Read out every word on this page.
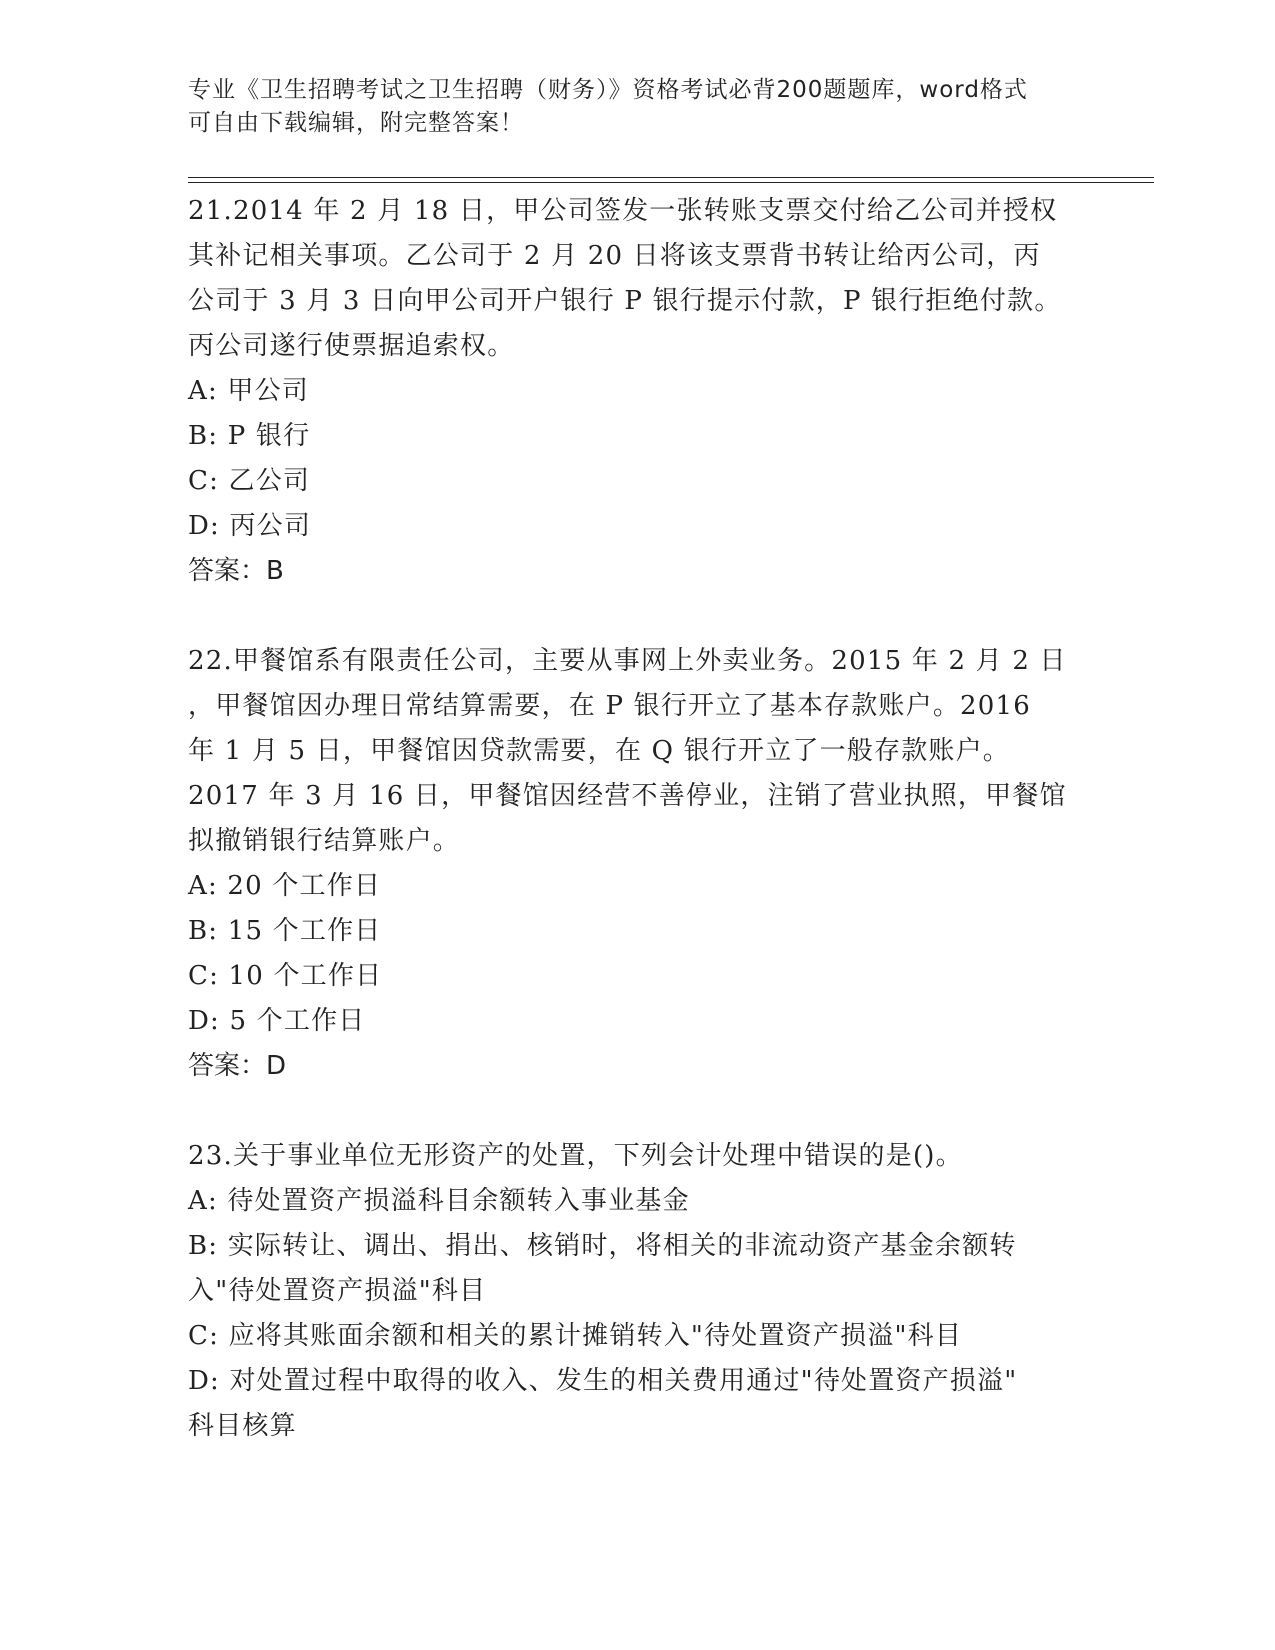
专业《卫生招聘考试之卫生招聘（财务）》资格考试必背200题题库，word格式
可自由下载编辑，附完整答案！
21.2014 年 2 月 18 日，甲公司签发一张转账支票交付给乙公司并授权
其补记相关事项。乙公司于 2 月 20 日将该支票背书转让给丙公司，丙
公司于 3 月 3 日向甲公司开户银行 P 银行提示付款，P 银行拒绝付款。
丙公司遂行使票据追索权。
A: 甲公司
B: P 银行
C: 乙公司
D: 丙公司
答案：B
22.甲餐馆系有限责任公司，主要从事网上外卖业务。2015 年 2 月 2 日
，甲餐馆因办理日常结算需要，在 P 银行开立了基本存款账户。2016
年 1 月 5 日，甲餐馆因贷款需要，在 Q 银行开立了一般存款账户。
2017 年 3 月 16 日，甲餐馆因经营不善停业，注销了营业执照，甲餐馆
拟撤销银行结算账户。
A: 20 个工作日
B: 15 个工作日
C: 10 个工作日
D: 5 个工作日
答案：D
23.关于事业单位无形资产的处置，下列会计处理中错误的是()。
A: 待处置资产损溢科目余额转入事业基金
B: 实际转让、调出、捐出、核销时，将相关的非流动资产基金余额转
入"待处置资产损溢"科目
C: 应将其账面余额和相关的累计摊销转入"待处置资产损溢"科目
D: 对处置过程中取得的收入、发生的相关费用通过"待处置资产损溢"
科目核算
